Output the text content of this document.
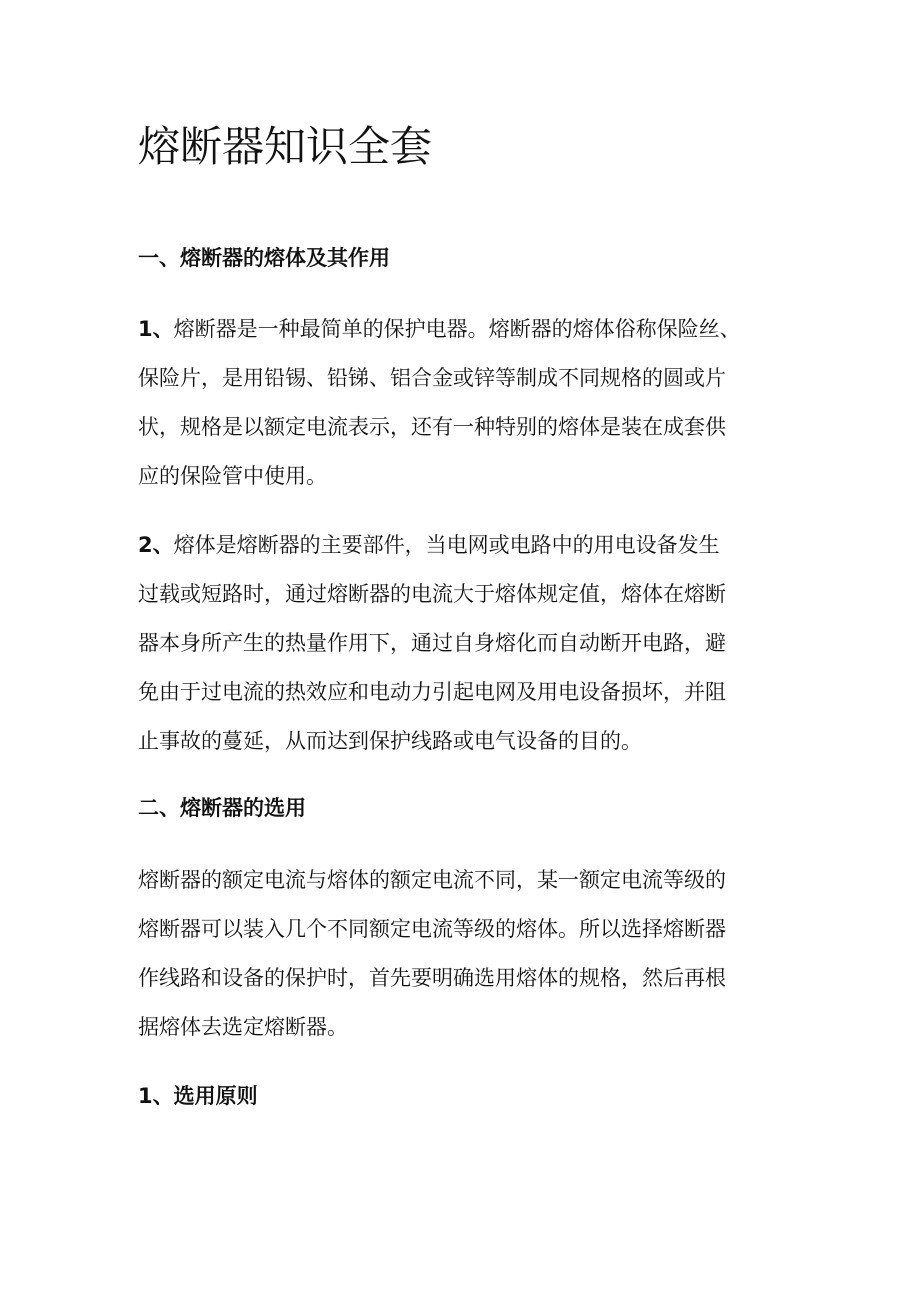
熔断器知识全套
一、熔断器的熔体及其作用

1、熔断器是一种最简单的保护电器。熔断器的熔体俗称保险丝、
保险片，是用铅锡、铅锑、铝合金或锌等制成不同规格的圆或片
状，规格是以额定电流表示，还有一种特别的熔体是装在成套供
应的保险管中使用。

2、熔体是熔断器的主要部件，当电网或电路中的用电设备发生
过载或短路时，通过熔断器的电流大于熔体规定值，熔体在熔断
器本身所产生的热量作用下，通过自身熔化而自动断开电路，避
免由于过电流的热效应和电动力引起电网及用电设备损坏，并阻
止事故的蔓延，从而达到保护线路或电气设备的目的。

二、熔断器的选用

熔断器的额定电流与熔体的额定电流不同，某一额定电流等级的
熔断器可以装入几个不同额定电流等级的熔体。所以选择熔断器
作线路和设备的保护时，首先要明确选用熔体的规格，然后再根
据熔体去选定熔断器。

1、选用原则
